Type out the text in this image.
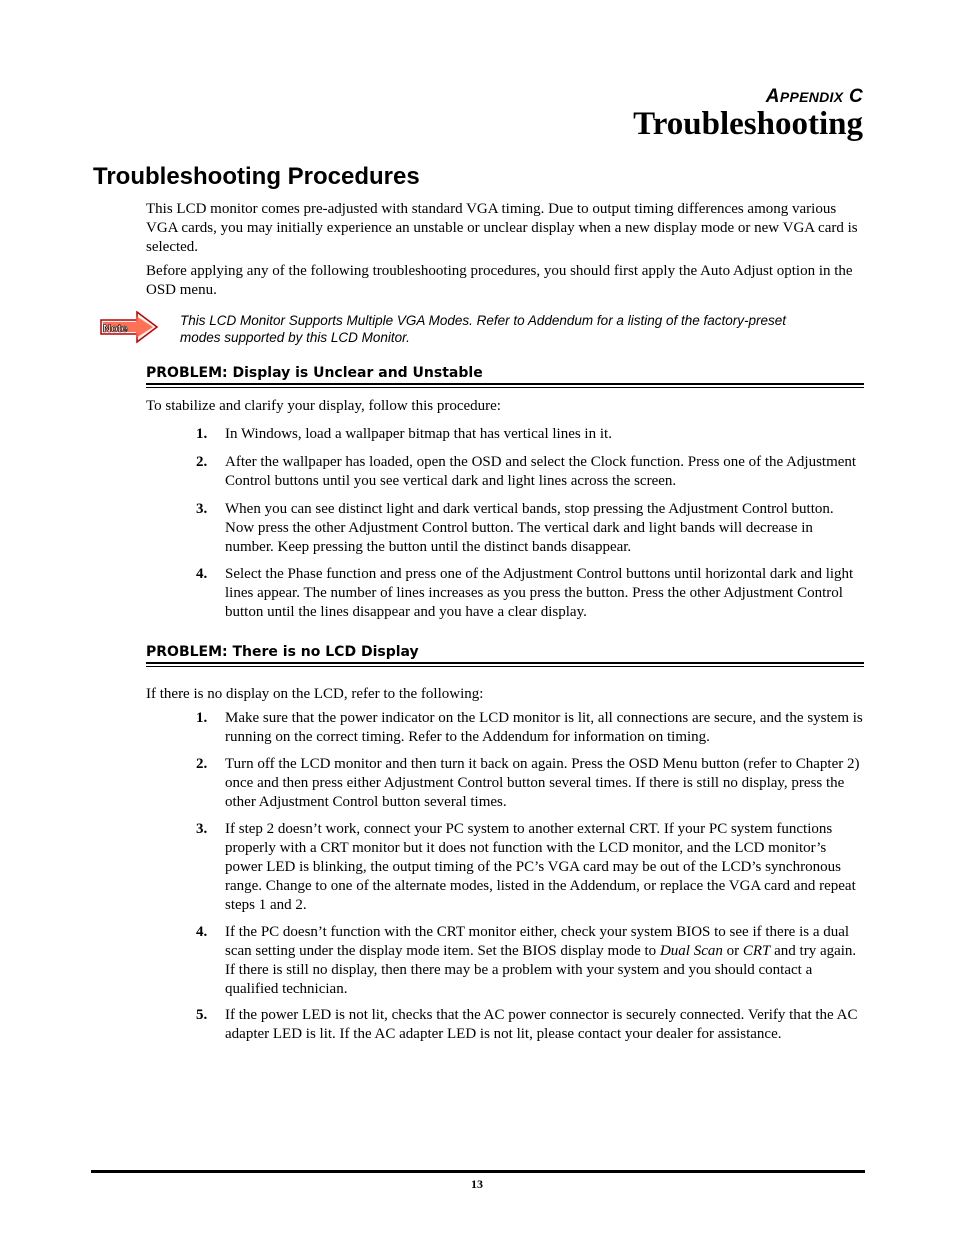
APPENDIX C
Troubleshooting
Troubleshooting Procedures

This LCD monitor comes pre-adjusted with standard VGA timing. Due to output timing differences among various VGA cards, you may initially experience an unstable or unclear display when a new display mode or new VGA card is selected.

Before applying any of the following troubleshooting procedures, you should first apply the Auto Adjust option in the OSD menu.

Note
This LCD Monitor Supports Multiple VGA Modes. Refer to Addendum for a listing of the factory-preset modes supported by this LCD Monitor.
PROBLEM: Display is Unclear and Unstable

To stabilize and clarify your display, follow this procedure:

1.	In Windows, load a wallpaper bitmap that has vertical lines in it.
2.	After the wallpaper has loaded, open the OSD and select the Clock function. Press one of the Adjustment Control buttons until you see vertical dark and light lines across the screen.
3.	When you can see distinct light and dark vertical bands, stop pressing the Adjustment Control button. Now press the other Adjustment Control button. The vertical dark and light bands will decrease in number. Keep pressing the button until the distinct bands disappear.
4.	Select the Phase function and press one of the Adjustment Control buttons until horizontal dark and light lines appear. The number of lines increases as you press the button. Press the other Adjustment Control button until the lines disappear and you have a clear display.
PROBLEM: There is no LCD Display

If there is no display on the LCD, refer to the following:

1.	Make sure that the power indicator on the LCD monitor is lit, all connections are secure, and the system is running on the correct timing. Refer to the Addendum for information on timing.
2.	Turn off the LCD monitor and then turn it back on again. Press the OSD Menu button (refer to Chapter 2) once and then press either Adjustment Control button several times. If there is still no display, press the other Adjustment Control button several times.
3.	If step 2 doesn’t work, connect your PC system to another external CRT. If your PC system functions properly with a CRT monitor but it does not function with the LCD monitor, and the LCD monitor’s power LED is blinking, the output timing of the PC’s VGA card may be out of the LCD’s synchronous range. Change to one of the alternate modes, listed in the Addendum, or replace the VGA card and repeat steps 1 and 2.
4.	If the PC doesn’t function with the CRT monitor either, check your system BIOS to see if there is a dual scan setting under the display mode item. Set the BIOS display mode to Dual Scan or CRT and try again. If there is still no display, then there may be a problem with your system and you should contact a qualified technician.
5.	If the power LED is not lit, checks that the AC power connector is securely connected. Verify that the AC adapter LED is lit. If the AC adapter LED is not lit, please contact your dealer for assistance.
13
